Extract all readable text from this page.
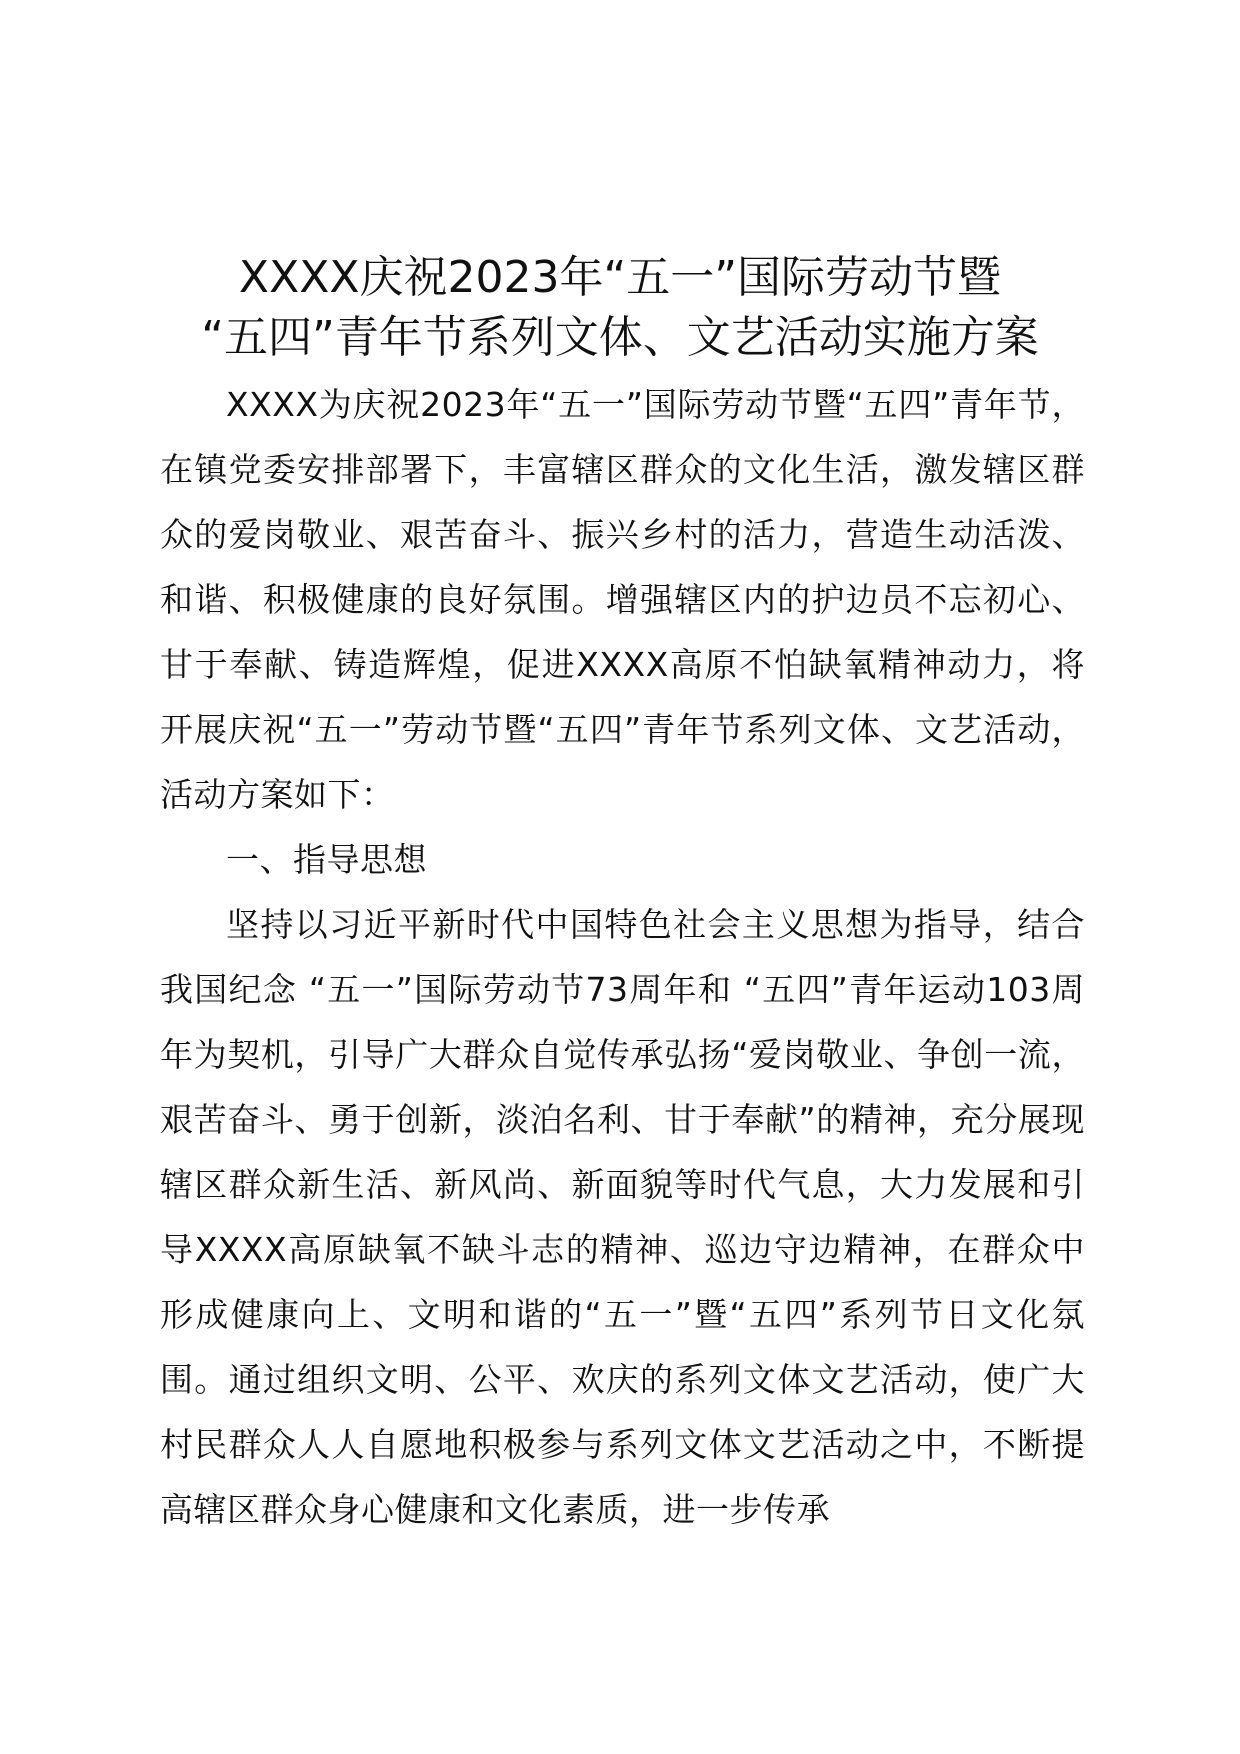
XXXX庆祝2023年“五一”国际劳动节暨
“五四”青年节系列文体、文艺活动实施方案

XXXX为庆祝2023年“五一”国际劳动节暨“五四”青年节，在镇党委安排部署下，丰富辖区群众的文化生活，激发辖区群众的爱岗敬业、艰苦奋斗、振兴乡村的活力，营造生动活泼、和谐、积极健康的良好氛围。增强辖区内的护边员不忘初心、甘于奉献、铸造辉煌，促进XXXX高原不怕缺氧精神动力，将开展庆祝“五一”劳动节暨“五四”青年节系列文体、文艺活动，活动方案如下：

一、指导思想

坚持以习近平新时代中国特色社会主义思想为指导，结合我国纪念 “五一”国际劳动节73周年和 “五四”青年运动103周年为契机，引导广大群众自觉传承弘扬“爱岗敬业、争创一流，艰苦奋斗、勇于创新，淡泊名利、甘于奉献”的精神，充分展现辖区群众新生活、新风尚、新面貌等时代气息，大力发展和引导XXXX高原缺氧不缺斗志的精神、巡边守边精神，在群众中形成健康向上、文明和谐的“五一”暨“五四”系列节日文化氛围。通过组织文明、公平、欢庆的系列文体文艺活动，使广大村民群众人人自愿地积极参与系列文体文艺活动之中，不断提高辖区群众身心健康和文化素质，进一步传承
